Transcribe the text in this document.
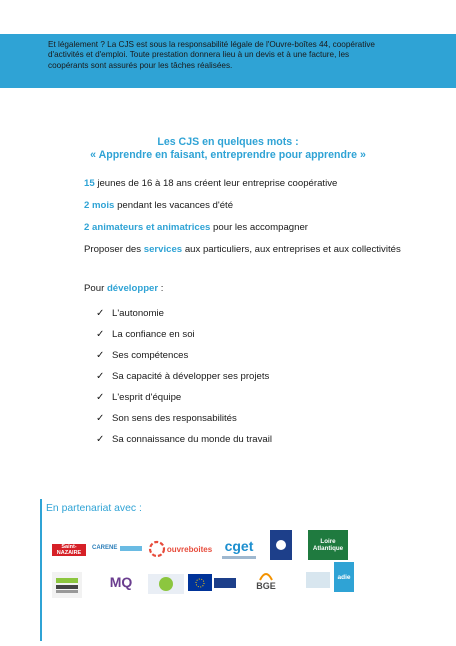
Et légalement ? La CJS est sous la responsabilité légale de l'Ouvre-boîtes 44, coopérative
d'activités et d'emploi. Toute prestation donnera lieu à un devis et à une facture, les
coopérants sont assurés pour les tâches réalisées.
Les CJS en quelques mots :
« Apprendre en faisant, entreprendre pour apprendre »
15 jeunes de 16 à 18 ans créent leur entreprise coopérative
2 mois pendant les vacances d'été
2 animateurs et animatrices pour les accompagner
Proposer des services aux particuliers, aux entreprises et aux collectivités
Pour développer :
✓ L'autonomie
✓ La confiance en soi
✓ Ses compétences
✓ Sa capacité à développer ses projets
✓ L'esprit d'équipe
✓ Son sens des responsabilités
✓ Sa connaissance du monde du travail
En partenariat avec :
Saint-NAZAIRE
CARENE	ouvreboites cget	Loire Atlantique
MQ	BGE
adie
